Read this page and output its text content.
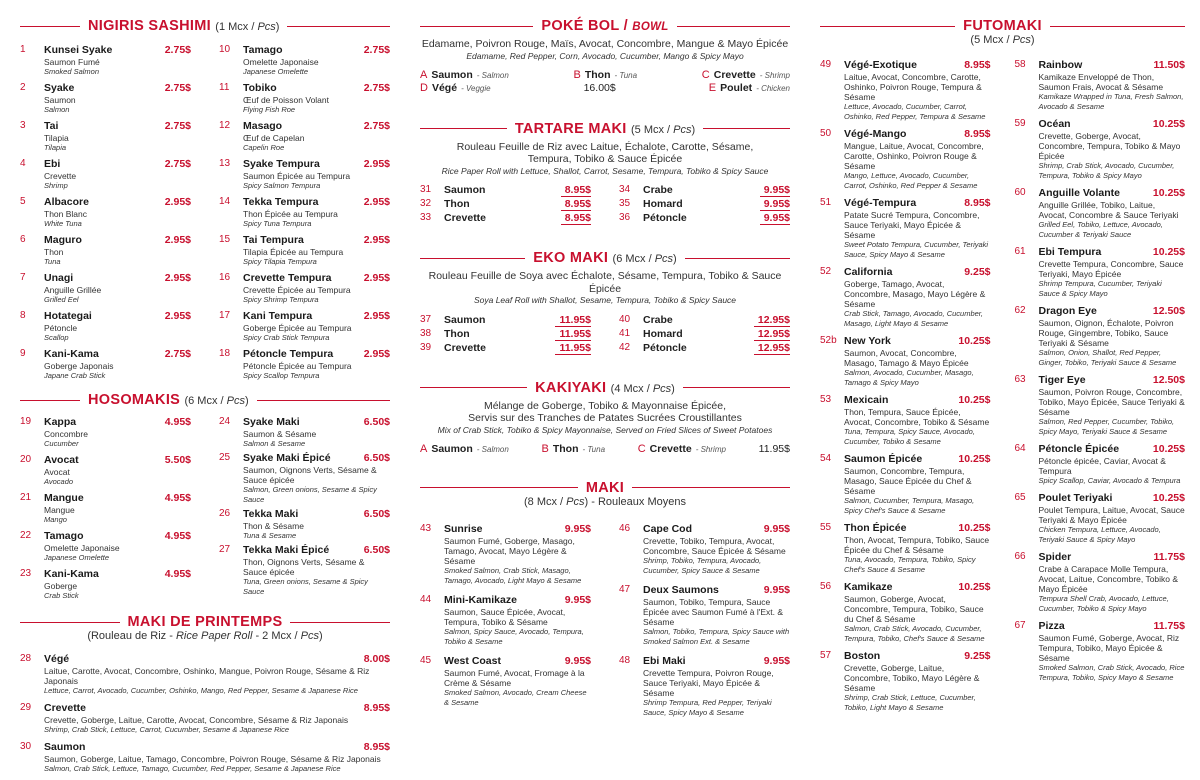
NIGIRIS SASHIMI (1 Mcx / Pcs)
1	Kunsei Syake	2.75$
Saumon Fumé
Smoked Salmon
2	Syake	2.75$
Saumon
Salmon
3	Tai	2.75$
Tilapia
Tilapia
4	Ebi	2.75$
Crevette
Shrimp
5	Albacore	2.95$
Thon Blanc
White Tuna
6	Maguro	2.95$
Thon
Tuna
7	Unagi	2.95$
Anguille Grillée
Grilled Eel
8	Hotategai	2.95$
Pétoncle
Scallop
9	Kani-Kama	2.75$
Goberge Japonais
Japane Crab Stick
10	Tamago	2.75$
Omelette Japonaise
Japanese Omelette
11	Tobiko	2.75$
Œuf de Poisson Volant
Flying Fish Roe
12	Masago	2.75$
Œuf de Capelan
Capelin Roe
13	Syake Tempura	2.95$
Saumon Épicée au Tempura
Spicy Salmon Tempura
14	Tekka Tempura	2.95$
Thon Épicée au Tempura
Spicy Tuna Tempura
15	Tai Tempura	2.95$
Tilapia Épicée au Tempura
Spicy Tilapia Tempura
16	Crevette Tempura	2.95$
Crevette Épicée au Tempura
Spicy Shrimp Tempura
17	Kani Tempura	2.95$
Goberge Épicée au Tempura
Spicy Crab Stick Tempura
18	Pétoncle Tempura	2.95$
Pétoncle Épicée au Tempura
Spicy Scallop Tempura
HOSOMAKIS (6 Mcx / Pcs)
19	Kappa	4.95$
Concombre
Cucumber
20	Avocat	5.50$
Avocat
Avocado
21	Mangue	4.95$
Mangue
Mango
22	Tamago	4.95$
Omelette Japonaise
Japanese Omelette
23	Kani-Kama	4.95$
Goberge
Crab Stick
24	Syake Maki	6.50$
Saumon & Sésame
Salmon & Sesame
25	Syake Maki Épicé	6.50$
Saumon, Oignons Verts, Sésame & Sauce épicée
Salmon, Green onions, Sesame & Spicy Sauce
26	Tekka Maki	6.50$
Thon & Sésame
Tuna & Sesame
27	Tekka Maki Épicé	6.50$
Thon, Oignons Verts, Sésame & Sauce épicée
Tuna, Green onions, Sesame & Spicy Sauce
MAKI DE PRINTEMPS
(Rouleau de Riz - Rice Paper Roll - 2 Mcx / Pcs)
28	Végé	8.00$
Laitue, Carotte, Avocat, Concombre, Oshinko, Mangue, Poivron Rouge, Sésame & Riz Japonais
Lettuce, Carrot, Avocado, Cucumber, Oshinko, Mango, Red Pepper, Sesame & Japanese Rice
29	Crevette	8.95$
Crevette, Goberge, Laitue, Carotte, Avocat, Concombre, Sésame & Riz Japonais
Shrimp, Crab Stick, Lettuce, Carrot, Cucumber, Sesame & Japanese Rice
30	Saumon	8.95$
Saumon, Goberge, Laitue, Tamago, Concombre, Poivron Rouge, Sésame & Riz Japonais
Salmon, Crab Stick, Lettuce, Tamago, Cucumber, Red Pepper, Sesame & Japanese Rice
POKÉ BOL / BOWL
Edamame, Poivron Rouge, Maïs, Avocat, Concombre, Mangue & Mayo Épicée
Edamame, Red Pepper, Corn, Avocado, Cucumber, Mango & Spicy Mayo
A Saumon - Salmon	B Thon - Tuna	C Crevette - Shrimp
D Végé - Veggie	16.00$	E Poulet - Chicken
TARTARE MAKI (5 Mcx / Pcs)
Rouleau Feuille de Riz avec Laitue, Échalote, Carotte, Sésame, Tempura, Tobiko & Sauce Épicée
Rice Paper Roll with Lettuce, Shallot, Carrot, Sesame, Tempura, Tobiko & Spicy Sauce
31	Saumon	8.95$
32	Thon	8.95$
33	Crevette	8.95$
34	Crabe	9.95$
35	Homard	9.95$
36	Pétoncle	9.95$
EKO MAKI (6 Mcx / Pcs)
Rouleau Feuille de Soya avec Échalote, Sésame, Tempura, Tobiko & Sauce Épicée
Soya Leaf Roll with Shallot, Sesame, Tempura, Tobiko & Spicy Sauce
37	Saumon	11.95$
38	Thon	11.95$
39	Crevette	11.95$
40	Crabe	12.95$
41	Homard	12.95$
42	Pétoncle	12.95$
KAKIYAKI (4 Mcx / Pcs)
Mélange de Goberge, Tobiko & Mayonnaise Épicée,
Servis sur des Tranches de Patates Sucrées Croustillantes
Mix of Crab Stick, Tobiko & Spicy Mayonnaise, Served on Fried Slices of Sweet Potatoes
A Saumon - Salmon	B Thon - Tuna	C Crevette - Shrimp	11.95$
MAKI
(8 Mcx / Pcs) - Rouleaux Moyens
43	Sunrise	9.95$
Saumon Fumé, Goberge, Masago, Tamago, Avocat, Mayo Légère & Sésame
Smoked Salmon, Crab Stick, Masago, Tamago, Avocado, Light Mayo & Sesame
44	Mini-Kamikaze	9.95$
Saumon, Sauce Épicée, Avocat, Tempura, Tobiko & Sésame
Salmon, Spicy Sauce, Avocado, Tempura, Tobiko & Sesame
45	West Coast	9.95$
Saumon Fumé, Avocat, Fromage à la Crème & Sésame
Smoked Salmon, Avocado, Cream Cheese & Sesame
46	Cape Cod	9.95$
Crevette, Tobiko, Tempura, Avocat, Concombre, Sauce Épicée & Sésame
Shrimp, Tobiko, Tempura, Avocado, Cucumber, Spicy Sauce & Sesame
47	Deux Saumons	9.95$
Saumon, Tobiko, Tempura, Sauce Épicée avec Saumon Fumé à l'Ext. & Sésame
Salmon, Tobiko, Tempura, Spicy Sauce with Smoked Salmon Ext. & Sesame
48	Ebi Maki	9.95$
Crevette Tempura, Poivron Rouge, Sauce Teriyaki, Mayo Épicée & Sésame
Shrimp Tempura, Red Pepper, Teriyaki Sauce, Spicy Mayo & Sesame
FUTOMAKI
(5 Mcx / Pcs)
49	Végé-Exotique	8.95$
Laitue, Avocat, Concombre, Carotte, Oshinko, Poivron Rouge, Tempura & Sésame
Lettuce, Avocado, Cucumber, Carrot, Oshinko, Red Pepper, Tempura & Sesame
50	Végé-Mango	8.95$
Mangue, Laitue, Avocat, Concombre, Carotte, Oshinko, Poivron Rouge & Sésame
Mango, Lettuce, Avocado, Cucumber, Carrot, Oshinko, Red Pepper & Sesame
51	Végé-Tempura	8.95$
Patate Sucré Tempura, Concombre, Sauce Teriyaki, Mayo Épicée & Sésame
Sweet Potato Tempura, Cucumber, Teriyaki Sauce, Spicy Mayo & Sesame
52	California	9.25$
Goberge, Tamago, Avocat, Concombre, Masago, Mayo Légère & Sésame
Crab Stick, Tamago, Avocado, Cucumber, Masago, Light Mayo & Sesame
52b New York	10.25$
Saumon, Avocat, Concombre, Masago, Tamago & Mayo Épicée
Salmon, Avocado, Cucumber, Masago, Tamago & Spicy Mayo
53	Mexicain	10.25$
Thon, Tempura, Sauce Épicée, Avocat, Concombre, Tobiko & Sésame
Tuna, Tempura, Spicy Sauce, Avocado, Cucumber, Tobiko & Sesame
54	Saumon Épicée	10.25$
Saumon, Concombre, Tempura, Masago, Sauce Épicée du Chef & Sésame
Salmon, Cucumber, Tempura, Masago, Spicy Chef's Sauce & Sesame
55	Thon Épicée	10.25$
Thon, Avocat, Tempura, Tobiko, Sauce Épicée du Chef & Sésame
Tuna, Avocado, Tempura, Tobiko, Spicy Chef's Sauce & Sesame
56	Kamikaze	10.25$
Saumon, Goberge, Avocat, Concombre, Tempura, Tobiko, Sauce du Chef & Sésame
Salmon, Crab Stick, Avocado, Cucumber, Tempura, Tobiko, Chef's Sauce & Sesame
57	Boston	9.25$
Crevette, Goberge, Laitue, Concombre, Tobiko, Mayo Légère & Sésame
Shrimp, Crab Stick, Lettuce, Cucumber, Tobiko, Light Mayo & Sesame
58	Rainbow	11.50$
Kamikaze Enveloppé de Thon, Saumon Frais, Avocat & Sésame
Kamikaze Wrapped in Tuna, Fresh Salmon, Avocado & Sesame
59	Océan	10.25$
Crevette, Goberge, Avocat, Concombre, Tempura, Tobiko & Mayo Épicée
Shrimp, Crab Stick, Avocado, Cucumber, Tempura, Tobiko & Spicy Mayo
60	Anguille Volante	10.25$
Anguille Grillée, Tobiko, Laitue, Avocat, Concombre & Sauce Teriyaki
Grilled Eel, Tobiko, Lettuce, Avocado, Cucumber & Teriyaki Sauce
61	Ebi Tempura	10.25$
Crevette Tempura, Concombre, Sauce Teriyaki, Mayo Épicée
Shrimp Tempura, Cucumber, Teriyaki Sauce & Spicy Mayo
62	Dragon Eye	12.50$
Saumon, Oignon, Échalote, Poivron Rouge, Gingembre, Tobiko, Sauce Teriyaki & Sésame
Salmon, Onion, Shallot, Red Pepper, Ginger, Tobiko, Teriyaki Sauce & Sesame
63	Tiger Eye	12.50$
Saumon, Poivron Rouge, Concombre, Tobiko, Mayo Épicée, Sauce Teriyaki & Sésame
Salmon, Red Pepper, Cucumber, Tobiko, Spicy Mayo, Teriyaki Sauce & Sesame
64	Pétoncle Épicée	10.25$
Pétoncle épicée, Caviar, Avocat & Tempura
Spicy Scallop, Caviar, Avocado & Tempura
65	Poulet Teriyaki	10.25$
Poulet Tempura, Laitue, Avocat, Sauce Teriyaki & Mayo Épicée
Chicken Tempura, Lettuce, Avocado, Teriyaki Sauce & Spicy Mayo
66	Spider	11.75$
Crabe à Carapace Molle Tempura, Avocat, Laitue, Concombre, Tobiko & Mayo Épicée
Tempura Shell Crab, Avocado, Lettuce, Cucumber, Tobiko & Spicy Mayo
67	Pizza	11.75$
Saumon Fumé, Goberge, Avocat, Riz Tempura, Tobiko, Mayo Épicée & Sésame
Smoked Salmon, Crab Stick, Avocado, Rice Tempura, Tobiko, Spicy Mayo & Sesame
